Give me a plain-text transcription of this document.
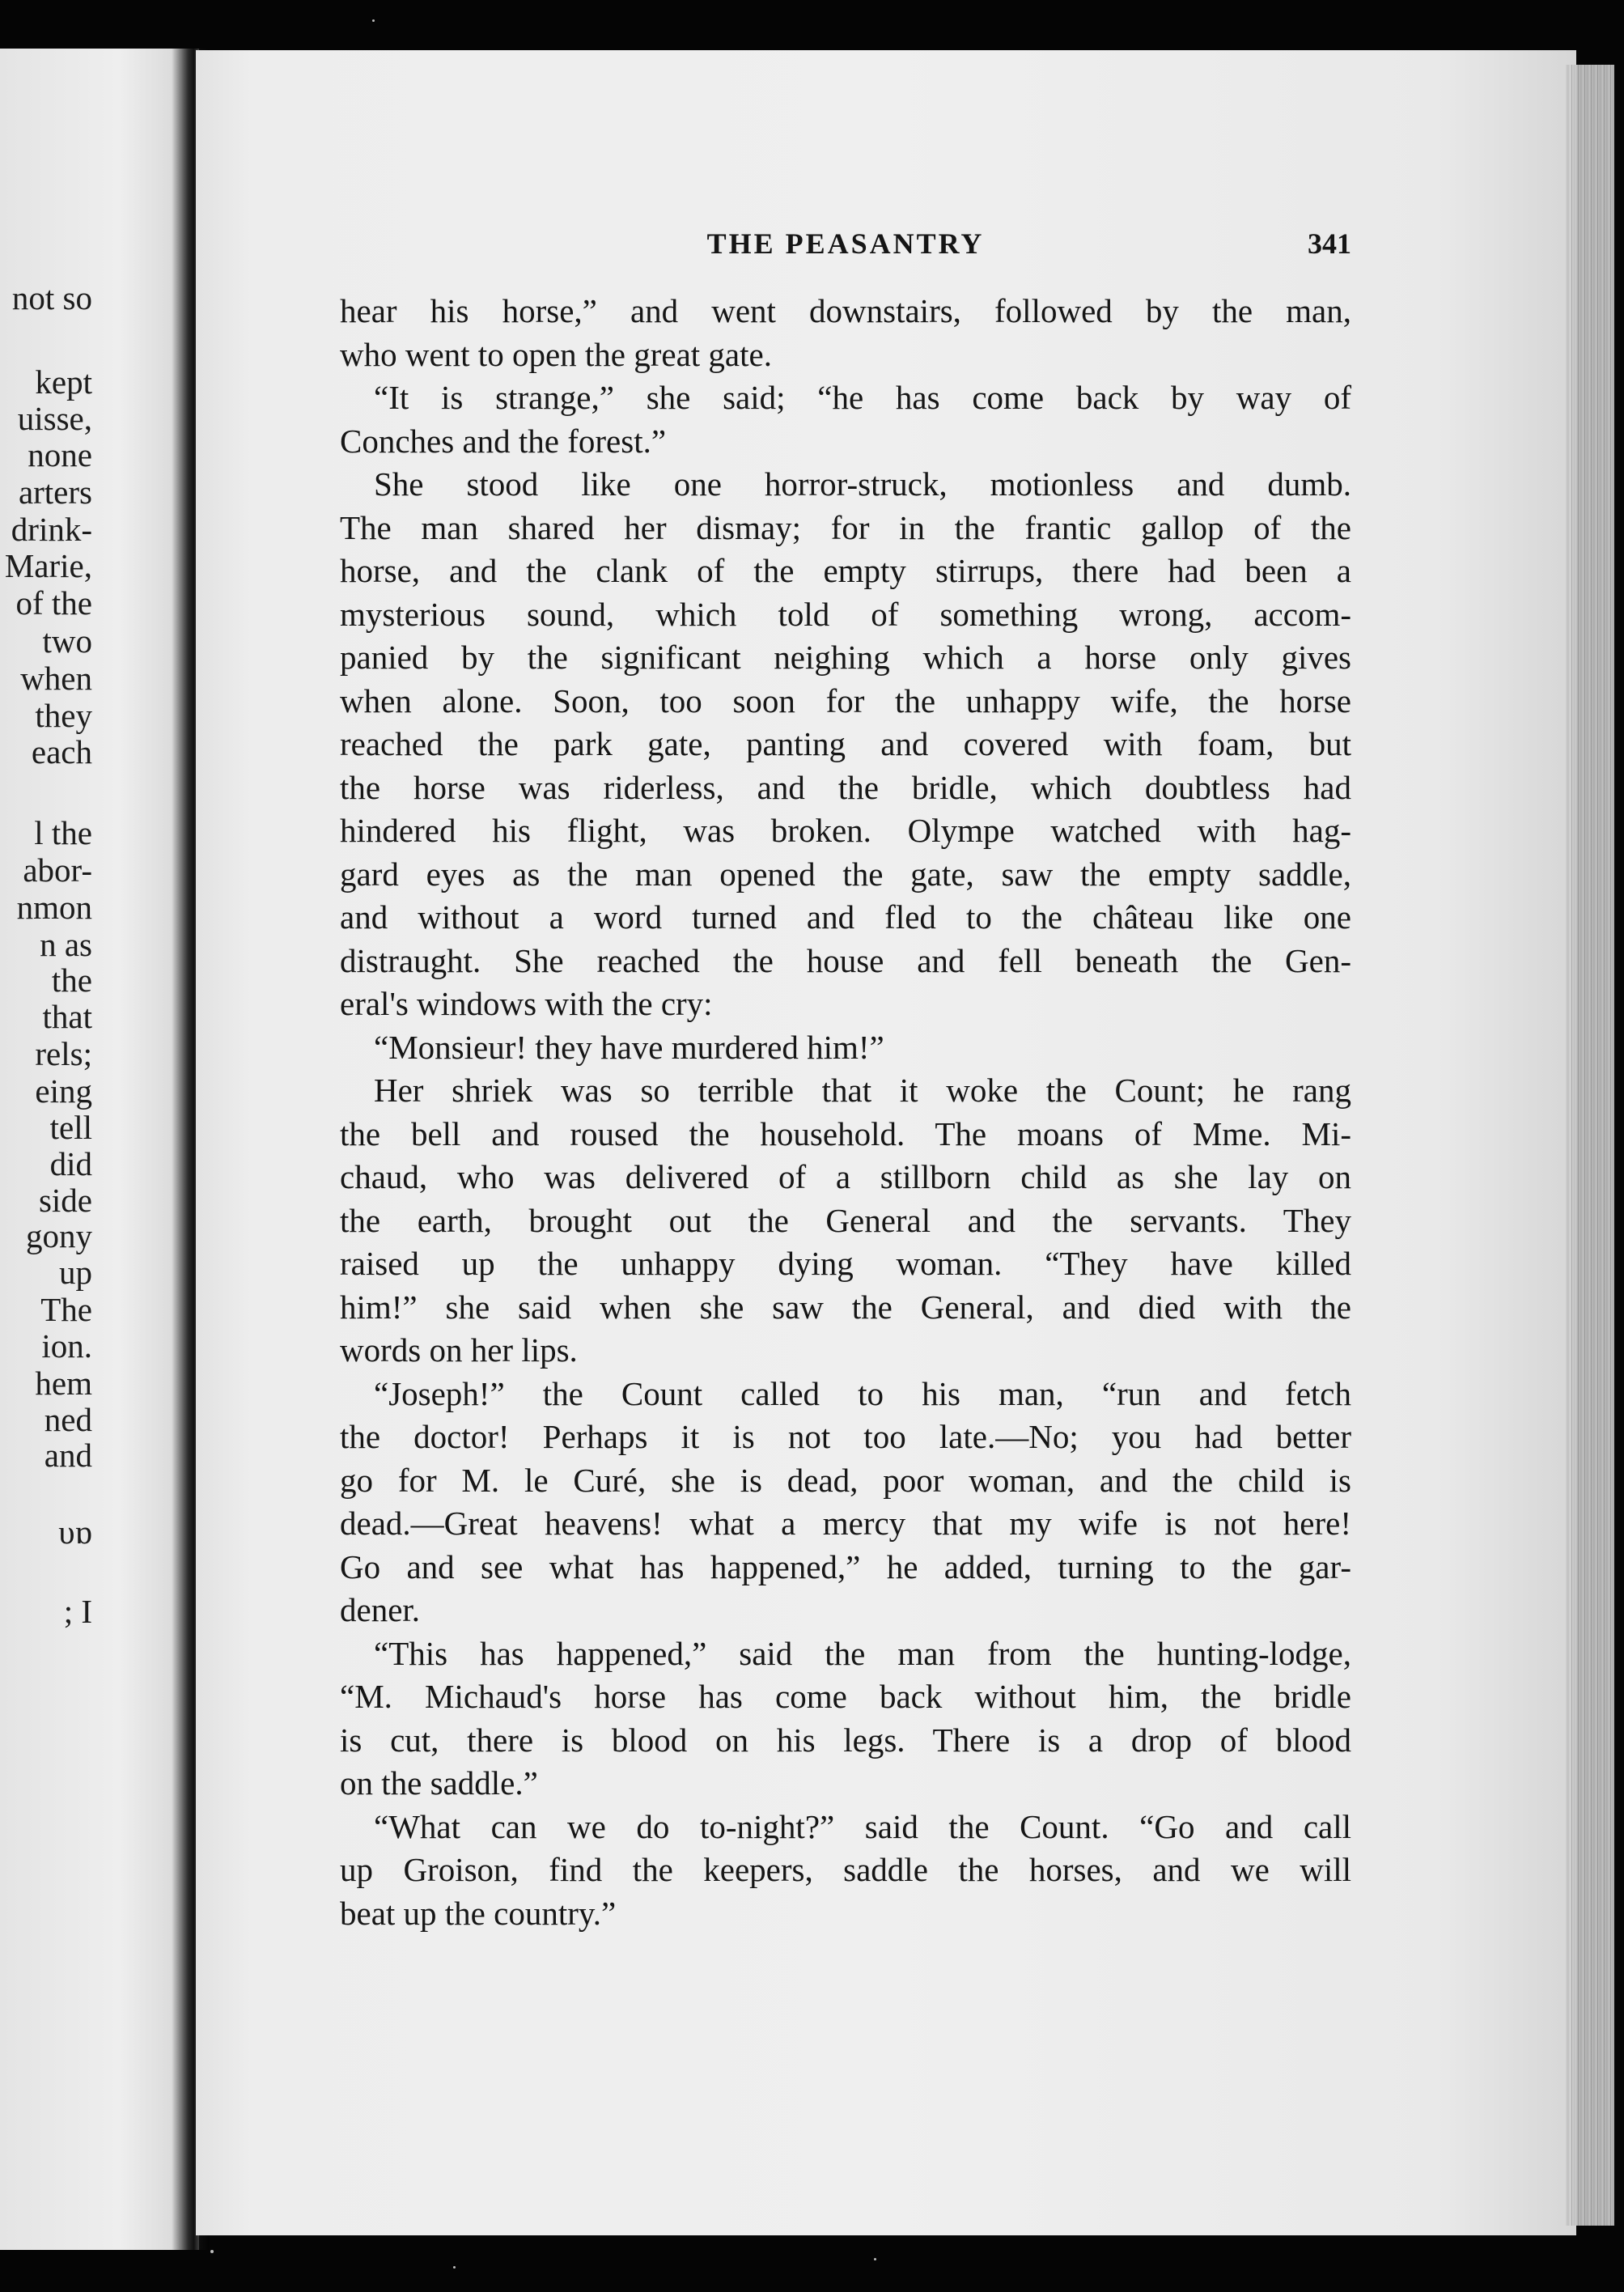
not so
kept
uisse,
none
arters
drink-
Marie,
of the
two
when
they
each
l the
abor-
nmon
n as
the
that
rels;
eing
tell
did
side
gony
up
The
ion.
hem
ned
and
υɒ
; I
THE PEASANTRY	341
hear his horse,” and went downstairs, followed by the man,
who went to open the great gate.
“It is strange,” she said; “he has come back by way of
Conches and the forest.”
She stood like one horror-struck, motionless and dumb.
The man shared her dismay; for in the frantic gallop of the
horse, and the clank of the empty stirrups, there had been a
mysterious sound, which told of something wrong, accom-
panied by the significant neighing which a horse only gives
when alone. Soon, too soon for the unhappy wife, the horse
reached the park gate, panting and covered with foam, but
the horse was riderless, and the bridle, which doubtless had
hindered his flight, was broken. Olympe watched with hag-
gard eyes as the man opened the gate, saw the empty saddle,
and without a word turned and fled to the château like one
distraught. She reached the house and fell beneath the Gen-
eral's windows with the cry:
“Monsieur! they have murdered him!”
Her shriek was so terrible that it woke the Count; he rang
the bell and roused the household. The moans of Mme. Mi-
chaud, who was delivered of a stillborn child as she lay on
the earth, brought out the General and the servants. They
raised up the unhappy dying woman. “They have killed
him!” she said when she saw the General, and died with the
words on her lips.
“Joseph!” the Count called to his man, “run and fetch
the doctor! Perhaps it is not too late.—No; you had better
go for M. le Curé, she is dead, poor woman, and the child is
dead.—Great heavens! what a mercy that my wife is not here!
Go and see what has happened,” he added, turning to the gar-
dener.
“This has happened,” said the man from the hunting-lodge,
“M. Michaud's horse has come back without him, the bridle
is cut, there is blood on his legs. There is a drop of blood
on the saddle.”
“What can we do to-night?” said the Count. “Go and call
up Groison, find the keepers, saddle the horses, and we will
beat up the country.”
